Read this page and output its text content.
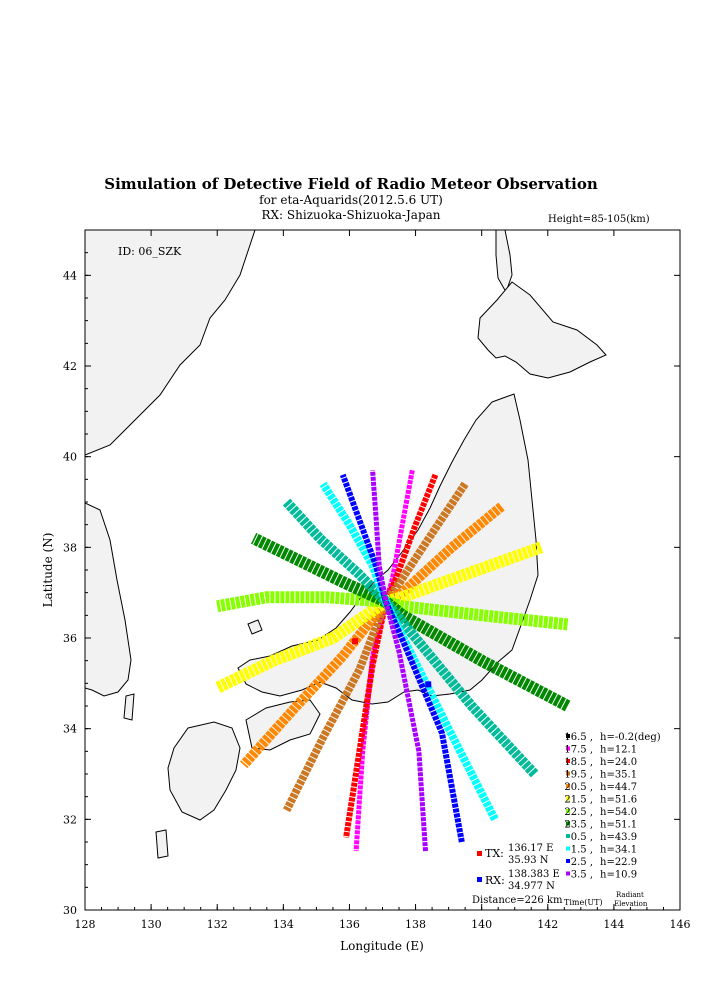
Simulation of Detective Field of Radio Meteor Observation
for eta-Aquarids(2012.5.6 UT)
RX: Shizuoka-Shizuoka-Japan	Height=85-105(km)
128	130	132	134	136	138	140	142	144	146
30
32
34
36
38
40
42
44
Longitude (E)
Latitude (N)
ID: 06_SZK
16.5 , h=-0.2(deg)
17.5 , h=12.1
18.5 , h=24.0
19.5 , h=35.1
20.5 , h=44.7
21.5 , h=51.6
22.5 , h=54.0
23.5 , h=51.1
0.5 , h=43.9
1.5 , h=34.1
2.5 , h=22.9
3.5 , h=10.9
Time(UT)
Radiant
Elevation
TX: 136.17 E
35.93 N
RX: 138.383 E
34.977 N
Distance=226 km
